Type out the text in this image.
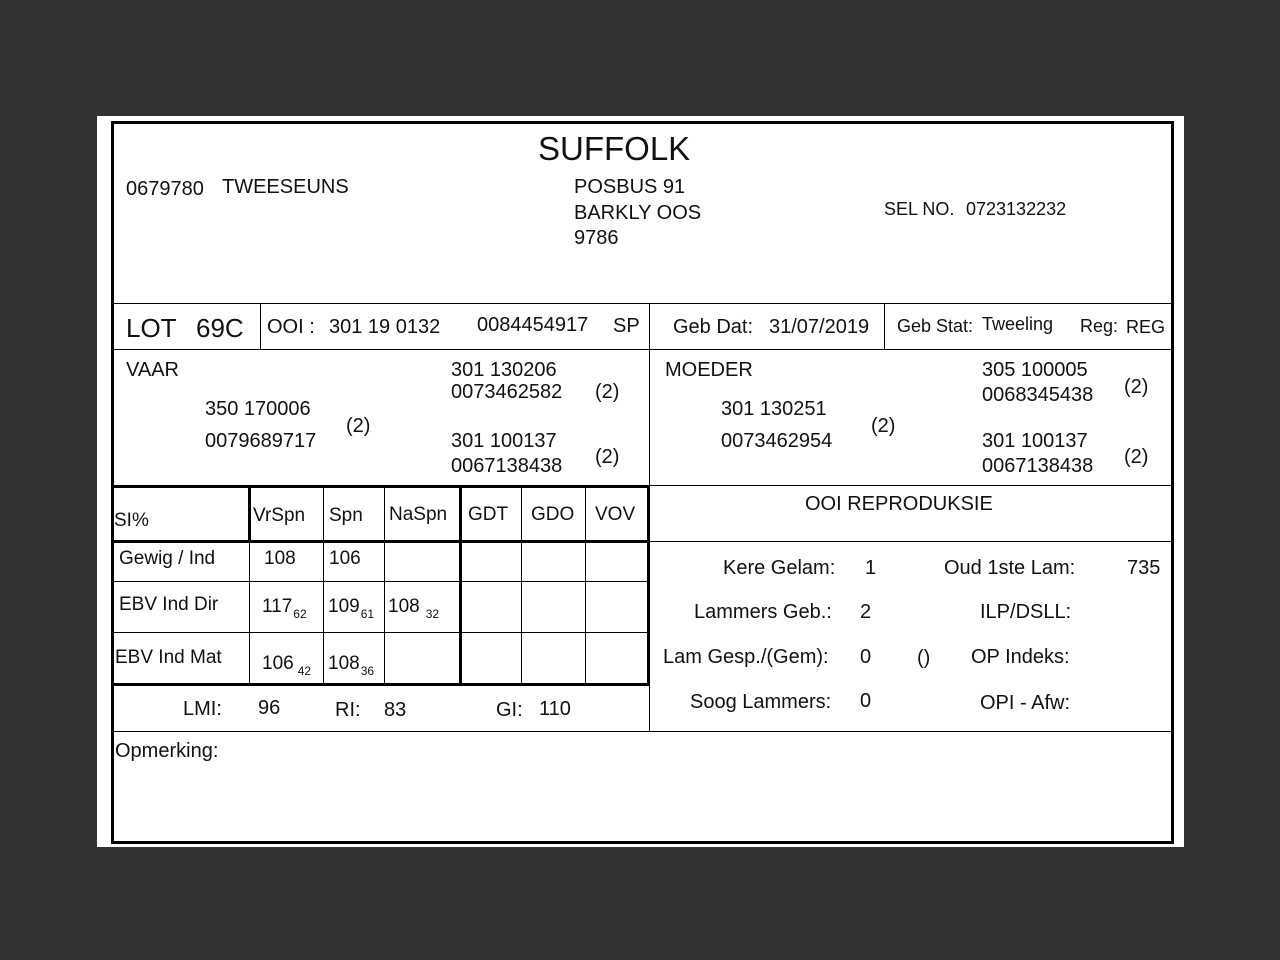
SUFFOLK
0679780 TWEESEUNS	POSBUS 91
BARKLY OOS
9786
SEL NO. 0723132232
LOT 69C OOI : 301 19 0132 0084454917 SP Geb Dat: 31/07/2019 Geb Stat: Tweeling Reg: REG
VAAR
350 170006
0079689717
(2)
301 130206
0073462582 (2)
301 100137
0067138438 (2)
MOEDER
301 130251
0073462954
(2)
305 100005
0068345438 (2)
301 100137
0067138438 (2)
SI%	VrSpn Spn NaSpn GDT GDO VOV
Gewig / Ind	108 106
EBV Ind Dir $117_{62}$ $109_{61}$ 108 $_{32}$
EBV Ind Mat 106 $_{42}$ $108_{36}$
LMI: 96	RI: 83	GI: 110
OOI REPRODUKSIE
Kere Gelam: 1	Oud 1ste Lam:	735
Lammers Geb.: 2	ILP/DSLL:
Lam Gesp./(Gem): 0 () OP Indeks:
Soog Lammers: 0	OPI - Afw:
Opmerking:
